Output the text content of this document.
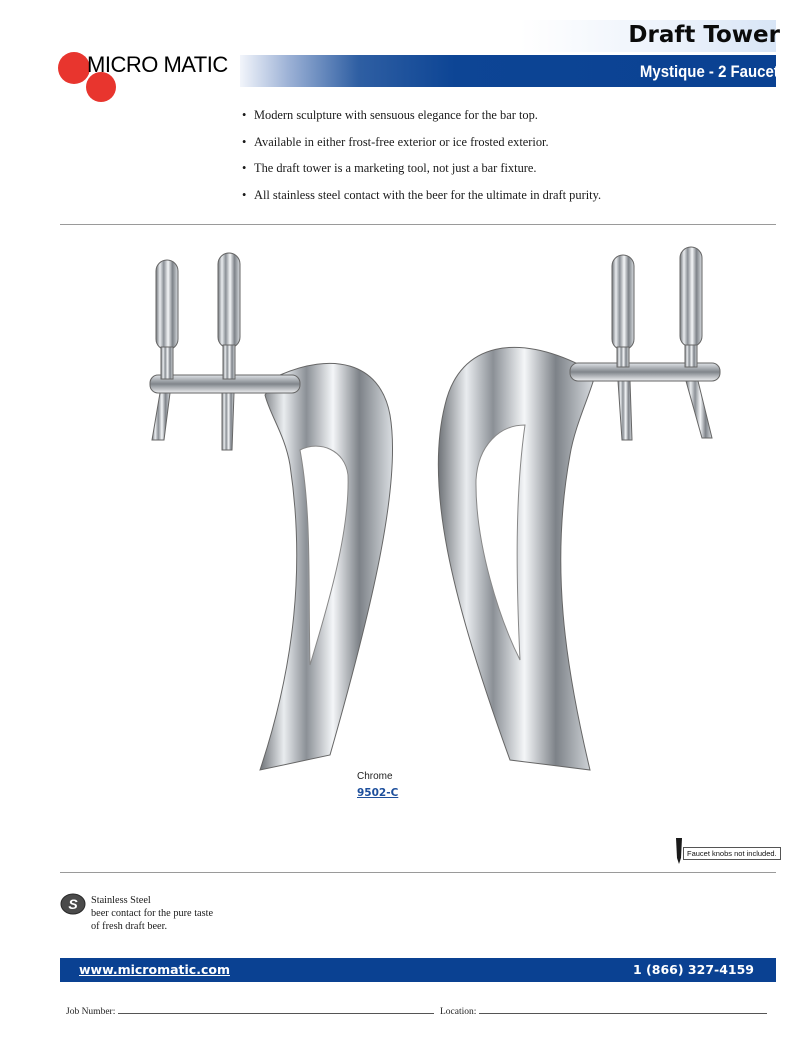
MICRO MATIC
Draft Tower
Mystique - 2 Faucet
• Modern sculpture with sensuous elegance for the bar top.
• Available in either frost-free exterior or ice frosted exterior.
• The draft tower is a marketing tool, not just a bar fixture.
• All stainless steel contact with the beer for the ultimate in draft purity.
Chrome
9502-C
Faucet knobs not included.
S Stainless Steel
beer contact for the pure taste
of fresh draft beer.
www.micromatic.com	1 (866) 327-4159
Job Number:	Location:
